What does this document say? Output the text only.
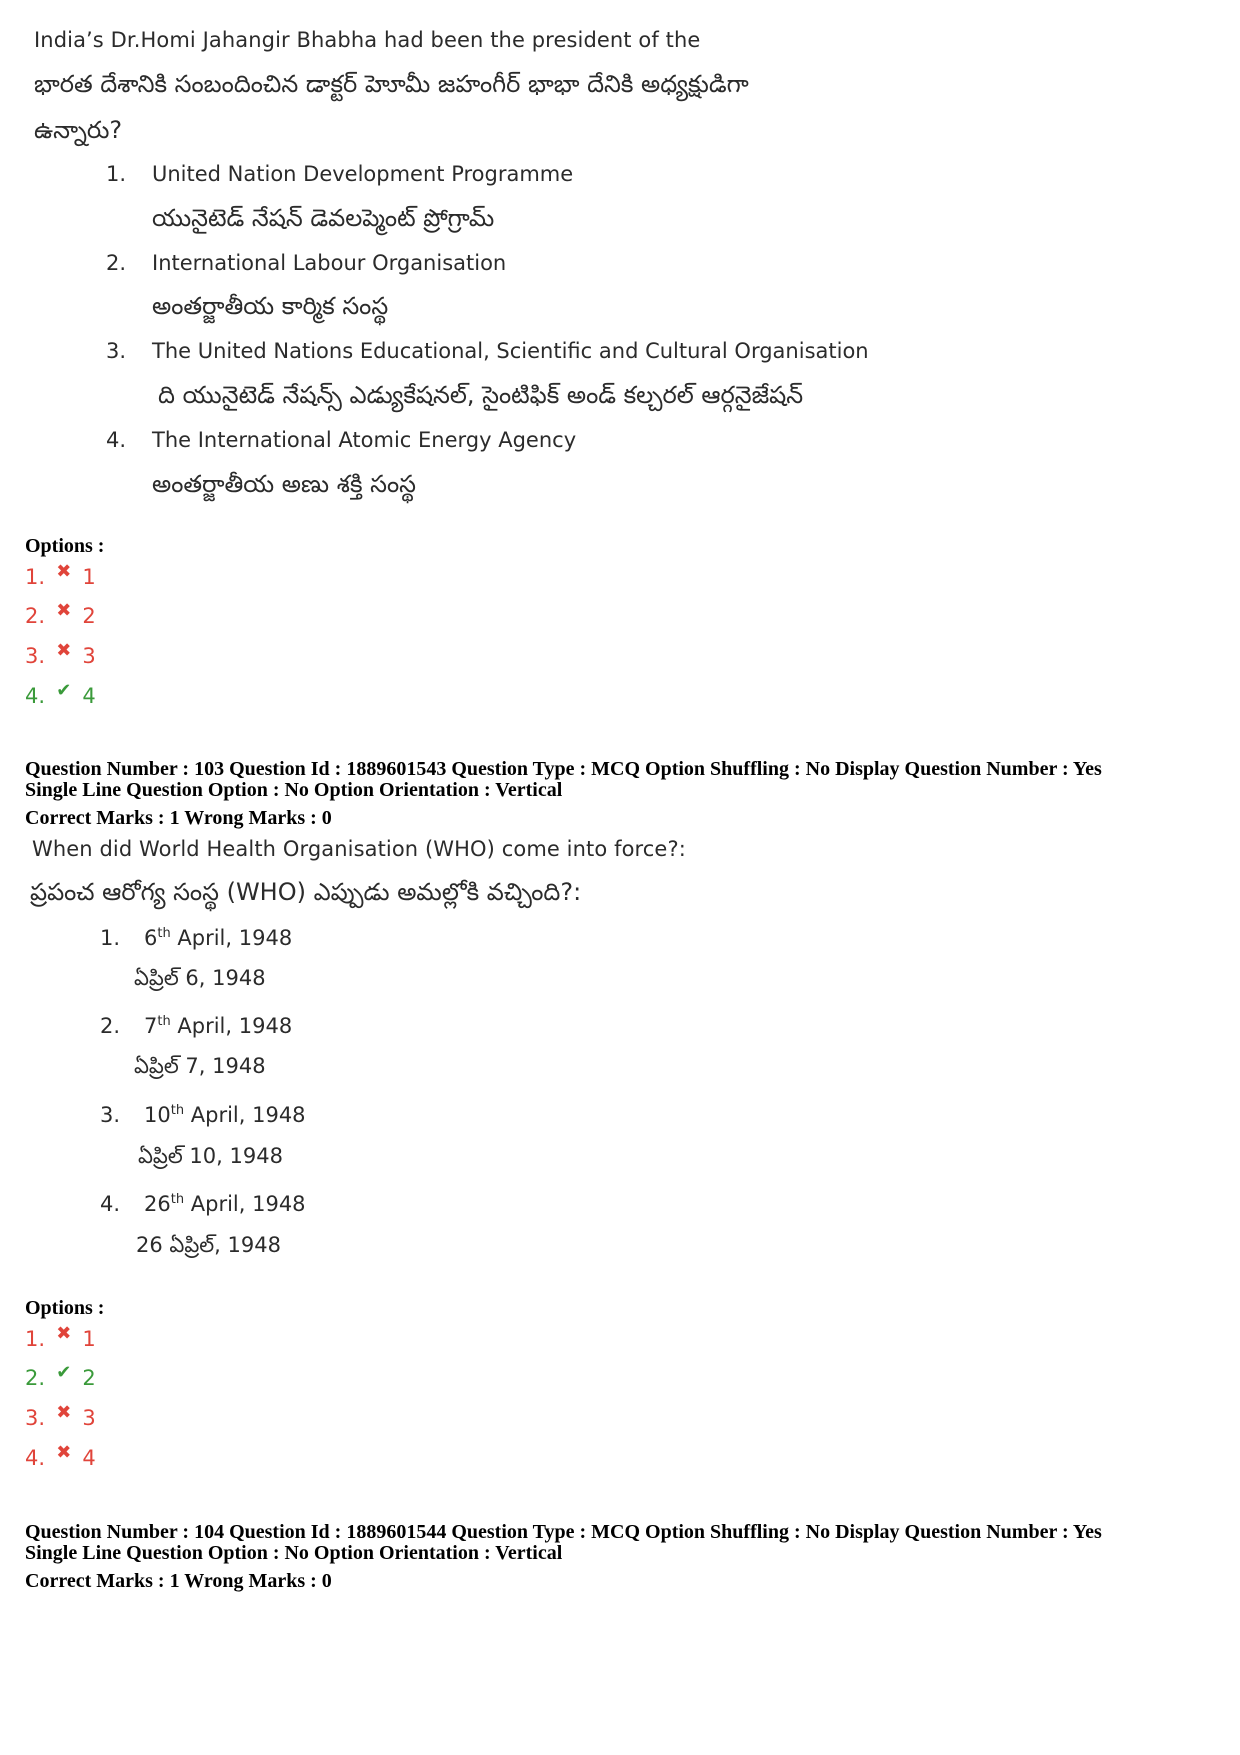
India’s Dr.Homi Jahangir Bhabha had been the president of the
భారత దేశానికి సంబందించిన డాక్టర్ హెూమీ జహంగీర్ భాభా దేనికి అధ్యక్షుడిగా
ఉన్నారు?
1. United Nation Development Programme
యునైటెడ్ నేషన్ డెవలప్మెంట్ ప్రోగ్రామ్
2. International Labour Organisation
అంతర్జాతీయ కార్మిక సంస్థ
3. The United Nations Educational, Scientific and Cultural Organisation
ది యునైటెడ్ నేషన్స్ ఎడ్యుకేషనల్, సైంటిఫిక్ అండ్ కల్చరల్ ఆర్గనైజేషన్
4. The International Atomic Energy Agency
అంతర్జాతీయ అణు శక్తి సంస్థ
Options :
1. ✖ 1
2. ✖ 2
3. ✖ 3
4. ✔ 4
Question Number : 103 Question Id : 1889601543 Question Type : MCQ Option Shuffling : No Display Question Number : Yes
Single Line Question Option : No Option Orientation : Vertical
Correct Marks : 1 Wrong Marks : 0
When did World Health Organisation (WHO) come into force?:
ప్రపంచ ఆరోగ్య సంస్థ (WHO) ఎప్పుడు అమల్లోకి వచ్చింది?:
1. 6th April, 1948
ఏప్రిల్ 6, 1948
2. 7th April, 1948
ఏప్రిల్ 7, 1948
3. 10th April, 1948
ఏప్రిల్ 10, 1948
4. 26th April, 1948
26 ఏప్రిల్, 1948
Options :
1. ✖ 1
2. ✔ 2
3. ✖ 3
4. ✖ 4
Question Number : 104 Question Id : 1889601544 Question Type : MCQ Option Shuffling : No Display Question Number : Yes
Single Line Question Option : No Option Orientation : Vertical
Correct Marks : 1 Wrong Marks : 0
